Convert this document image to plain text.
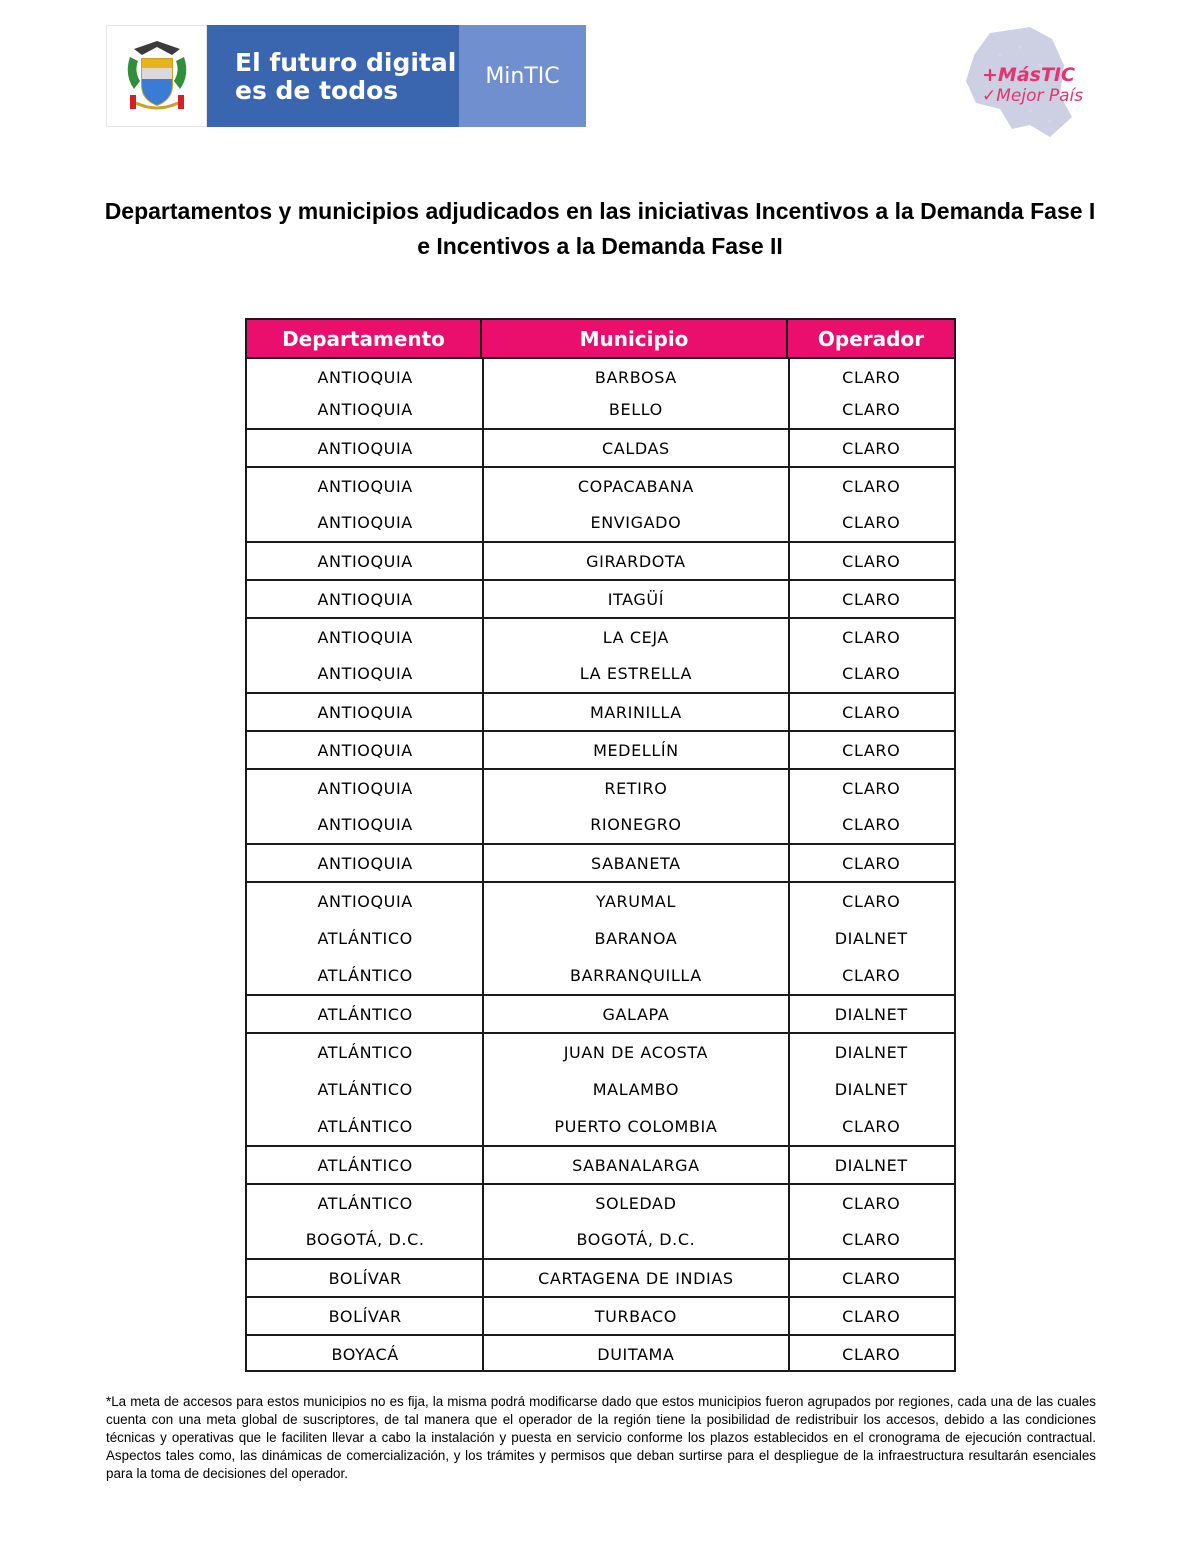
El futuro digital
es de todos	MinTIC	+MásTIC
✓Mejor País
Departamentos y municipios adjudicados en las iniciativas Incentivos a la Demanda Fase I
e Incentivos a la Demanda Fase II
Departamento	Municipio	Operador
ANTIOQUIA	BARBOSA	CLARO
ANTIOQUIA	BELLO	CLARO
ANTIOQUIA	CALDAS	CLARO
ANTIOQUIA	COPACABANA	CLARO
ANTIOQUIA	ENVIGADO	CLARO
ANTIOQUIA	GIRARDOTA	CLARO
ANTIOQUIA	ITAGÜÍ	CLARO
ANTIOQUIA	LA CEJA	CLARO
ANTIOQUIA	LA ESTRELLA	CLARO
ANTIOQUIA	MARINILLA	CLARO
ANTIOQUIA	MEDELLÍN	CLARO
ANTIOQUIA	RETIRO	CLARO
ANTIOQUIA	RIONEGRO	CLARO
ANTIOQUIA	SABANETA	CLARO
ANTIOQUIA	YARUMAL	CLARO
ATLÁNTICO	BARANOA	DIALNET
ATLÁNTICO	BARRANQUILLA	CLARO
ATLÁNTICO	GALAPA	DIALNET
ATLÁNTICO	JUAN DE ACOSTA	DIALNET
ATLÁNTICO	MALAMBO	DIALNET
ATLÁNTICO	PUERTO COLOMBIA	CLARO
ATLÁNTICO	SABANALARGA	DIALNET
ATLÁNTICO	SOLEDAD	CLARO
BOGOTÁ, D.C.	BOGOTÁ, D.C.	CLARO
BOLÍVAR	CARTAGENA DE INDIAS	CLARO
BOLÍVAR	TURBACO	CLARO
BOYACÁ	DUITAMA	CLARO
*La meta de accesos para estos municipios no es fija, la misma podrá modificarse dado que estos municipios fueron agrupados por regiones, cada una de las cuales cuenta con una meta global de suscriptores, de tal manera que el operador de la región tiene la posibilidad de redistribuir los accesos, debido a las condiciones técnicas y operativas que le faciliten llevar a cabo la instalación y puesta en servicio conforme los plazos establecidos en el cronograma de ejecución contractual. Aspectos tales como, las dinámicas de comercialización, y los trámites y permisos que deban surtirse para el despliegue de la infraestructura resultarán esenciales para la toma de decisiones del operador.
